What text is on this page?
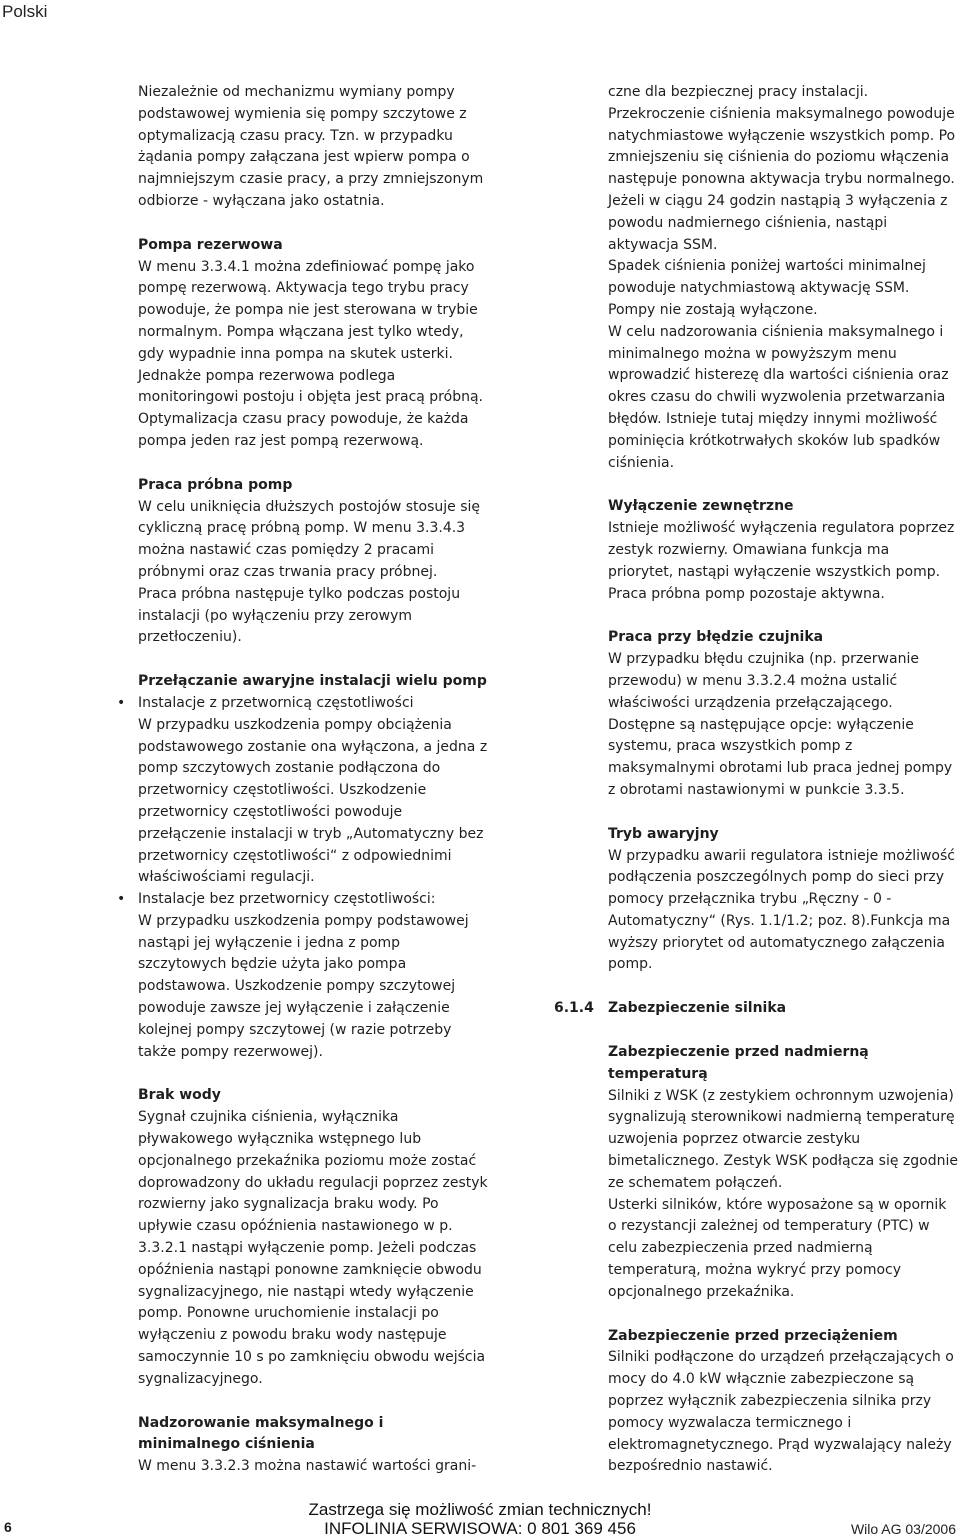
Polski

Niezależnie od mechanizmu wymiany pompy podstawowej wymienia się pompy szczytowe z optymalizacją czasu pracy. Tzn. w przypadku żądania pompy załączana jest wpierw pompa o najmniejszym czasie pracy, a przy zmniejszonym odbiorze - wyłączana jako ostatnia.

Pompa rezerwowa

W menu 3.3.4.1 można zdefiniować pompę jako pompę rezerwową. Aktywacja tego trybu pracy powoduje, że pompa nie jest sterowana w trybie normalnym. Pompa włączana jest tylko wtedy, gdy wypadnie inna pompa na skutek usterki. Jednakże pompa rezerwowa podlega monitoringowi postoju i objęta jest pracą próbną. Optymalizacja czasu pracy powoduje, że każda pompa jeden raz jest pompą rezerwową.

Praca próbna pomp

W celu uniknięcia dłuższych postojów stosuje się cykliczną pracę próbną pomp. W menu 3.3.4.3 można nastawić czas pomiędzy 2 pracami próbnymi oraz czas trwania pracy próbnej.

Praca próbna następuje tylko podczas postoju instalacji (po wyłączeniu przy zerowym przetłoczeniu).

Przełączanie awaryjne instalacji wielu pomp

• Instalacje z przetwornicą częstotliwości
W przypadku uszkodzenia pompy obciążenia podstawowego zostanie ona wyłączona, a jedna z pomp szczytowych zostanie podłączona do przetwornicy częstotliwości. Uszkodzenie przetwornicy częstotliwości powoduje przełączenie instalacji w tryb „Automatyczny bez przetwornicy częstotliwości“ z odpowiednimi właściwościami regulacji.
• Instalacje bez przetwornicy częstotliwości:
W przypadku uszkodzenia pompy podstawowej nastąpi jej wyłączenie i jedna z pomp szczytowych będzie użyta jako pompa podstawowa. Uszkodzenie pompy szczytowej powoduje zawsze jej wyłączenie i załączenie kolejnej pompy szczytowej (w razie potrzeby także pompy rezerwowej).

Brak wody

Sygnał czujnika ciśnienia, wyłącznika pływakowego wyłącznika wstępnego lub opcjonalnego przekaźnika poziomu może zostać doprowadzony do układu regulacji poprzez zestyk rozwierny jako sygnalizacja braku wody. Po upływie czasu opóźnienia nastawionego w p. 3.3.2.1 nastąpi wyłączenie pomp. Jeżeli podczas opóźnienia nastąpi ponowne zamknięcie obwodu sygnalizacyjnego, nie nastąpi wtedy wyłączenie pomp. Ponowne uruchomienie instalacji po wyłączeniu z powodu braku wody następuje samoczynnie 10 s po zamknięciu obwodu wejścia sygnalizacyjnego.

Nadzorowanie maksymalnego i minimalnego ciśnienia

W menu 3.3.2.3 można nastawić wartości grani-

czne dla bezpiecznej pracy instalacji. Przekroczenie ciśnienia maksymalnego powoduje natychmiastowe wyłączenie wszystkich pomp. Po zmniejszeniu się ciśnienia do poziomu włączenia następuje ponowna aktywacja trybu normalnego. Jeżeli w ciągu 24 godzin nastąpią 3 wyłączenia z powodu nadmiernego ciśnienia, nastąpi aktywacja SSM.

Spadek ciśnienia poniżej wartości minimalnej powoduje natychmiastową aktywację SSM. Pompy nie zostają wyłączone.

W celu nadzorowania ciśnienia maksymalnego i minimalnego można w powyższym menu wprowadzić histerezę dla wartości ciśnienia oraz okres czasu do chwili wyzwolenia przetwarzania błędów. Istnieje tutaj między innymi możliwość pominięcia krótkotrwałych skoków lub spadków ciśnienia.

Wyłączenie zewnętrzne

Istnieje możliwość wyłączenia regulatora poprzez zestyk rozwierny. Omawiana funkcja ma priorytet, nastąpi wyłączenie wszystkich pomp. Praca próbna pomp pozostaje aktywna.

Praca przy błędzie czujnika

W przypadku błędu czujnika (np. przerwanie przewodu) w menu 3.3.2.4 można ustalić właściwości urządzenia przełączającego. Dostępne są następujące opcje: wyłączenie systemu, praca wszystkich pomp z maksymalnymi obrotami lub praca jednej pompy z obrotami nastawionymi w punkcie 3.3.5.

Tryb awaryjny

W przypadku awarii regulatora istnieje możliwość podłączenia poszczególnych pomp do sieci przy pomocy przełącznika trybu „Ręczny - 0 - Automatyczny“ (Rys. 1.1/1.2; poz. 8).Funkcja ma wyższy priorytet od automatycznego załączenia pomp.

6.1.4 Zabezpieczenie silnika

Zabezpieczenie przed nadmierną temperaturą

Silniki z WSK (z zestykiem ochronnym uzwojenia) sygnalizują sterownikowi nadmierną temperaturę uzwojenia poprzez otwarcie zestyku bimetalicznego. Zestyk WSK podłącza się zgodnie ze schematem połączeń.

Usterki silników, które wyposażone są w opornik o rezystancji zależnej od temperatury (PTC) w celu zabezpieczenia przed nadmierną temperaturą, można wykryć przy pomocy opcjonalnego przekaźnika.

Zabezpieczenie przed przeciążeniem

Silniki podłączone do urządzeń przełączających o mocy do 4.0 kW włącznie zabezpieczone są poprzez wyłącznik zabezpieczenia silnika przy pomocy wyzwalacza termicznego i elektromagnetycznego. Prąd wyzwalający należy bezpośrednio nastawić.

Zastrzega się możliwość zmian technicznych!
INFOLINIA SERWISOWA: 0 801 369 456
6	Wilo AG 03/2006
